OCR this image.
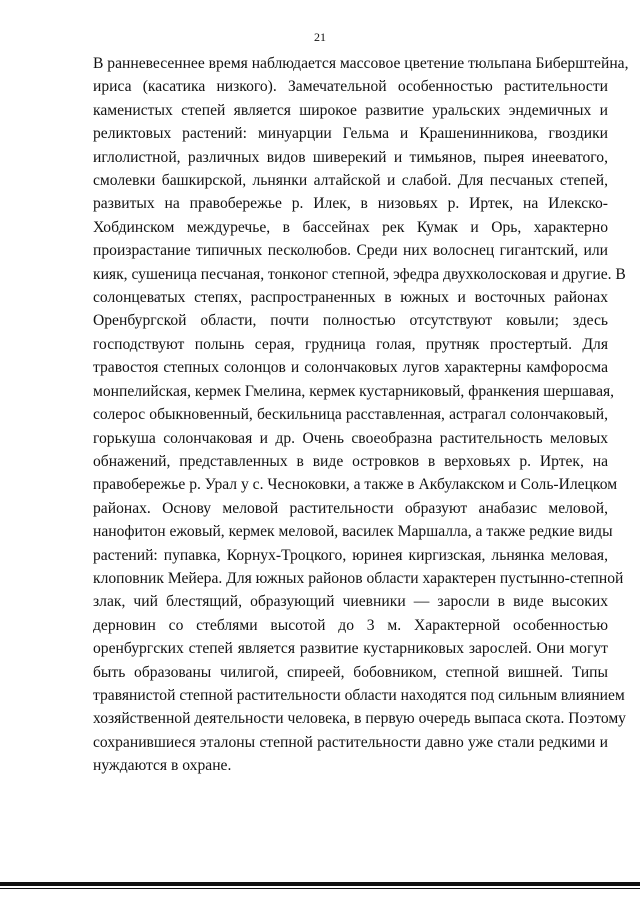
21
В ранневесеннее время наблюдается массовое цветение тюльпана Биберштейна,
ириса (касатика низкого). Замечательной особенностью растительности
каменистых степей является широкое развитие уральских эндемичных и
реликтовых растений: минуарции Гельма и Крашенинникова, гвоздики
иглолистной, различных видов шиверекий и тимьянов, пырея инееватого,
смолевки башкирской, льнянки алтайской и слабой. Для песчаных степей,
развитых на правобережье р. Илек, в низовьях р. Иртек, на Илекско-
Хобдинском междуречье, в бассейнах рек Кумак и Орь, характерно
произрастание типичных песколюбов. Среди них волоснец гигантский, или
кияк, сушеница песчаная, тонконог степной, эфедра двухколосковая и другие. В
солонцеватых степях, распространенных в южных и восточных районах
Оренбургской области, почти полностью отсутствуют ковыли; здесь
господствуют полынь серая, грудница голая, прутняк простертый. Для
травостоя степных солонцов и солончаковых лугов характерны камфоросма
монпелийская, кермек Гмелина, кермек кустарниковый, франкения шершавая,
солерос обыкновенный, бескильница расставленная, астрагал солончаковый,
горькуша солончаковая и др. Очень своеобразна растительность меловых
обнажений, представленных в виде островков в верховьях р. Иртек, на
правобережье р. Урал у с. Чесноковки, а также в Акбулакском и Соль-Илецком
районах. Основу меловой растительности образуют анабазис меловой,
нанофитон ежовый, кермек меловой, василек Маршалла, а также редкие виды
растений: пупавка, Корнух-Троцкого, юринея киргизская, льнянка меловая,
клоповник Мейера. Для южных районов области характерен пустынно-степной
злак, чий блестящий, образующий чиевники — заросли в виде высоких
дерновин со стеблями высотой до 3 м. Характерной особенностью
оренбургских степей является развитие кустарниковых зарослей. Они могут
быть образованы чилигой, спиреей, бобовником, степной вишней. Типы
травянистой степной растительности области находятся под сильным влиянием
хозяйственной деятельности человека, в первую очередь выпаса скота. Поэтому
сохранившиеся эталоны степной растительности давно уже стали редкими и
нуждаются в охране.
